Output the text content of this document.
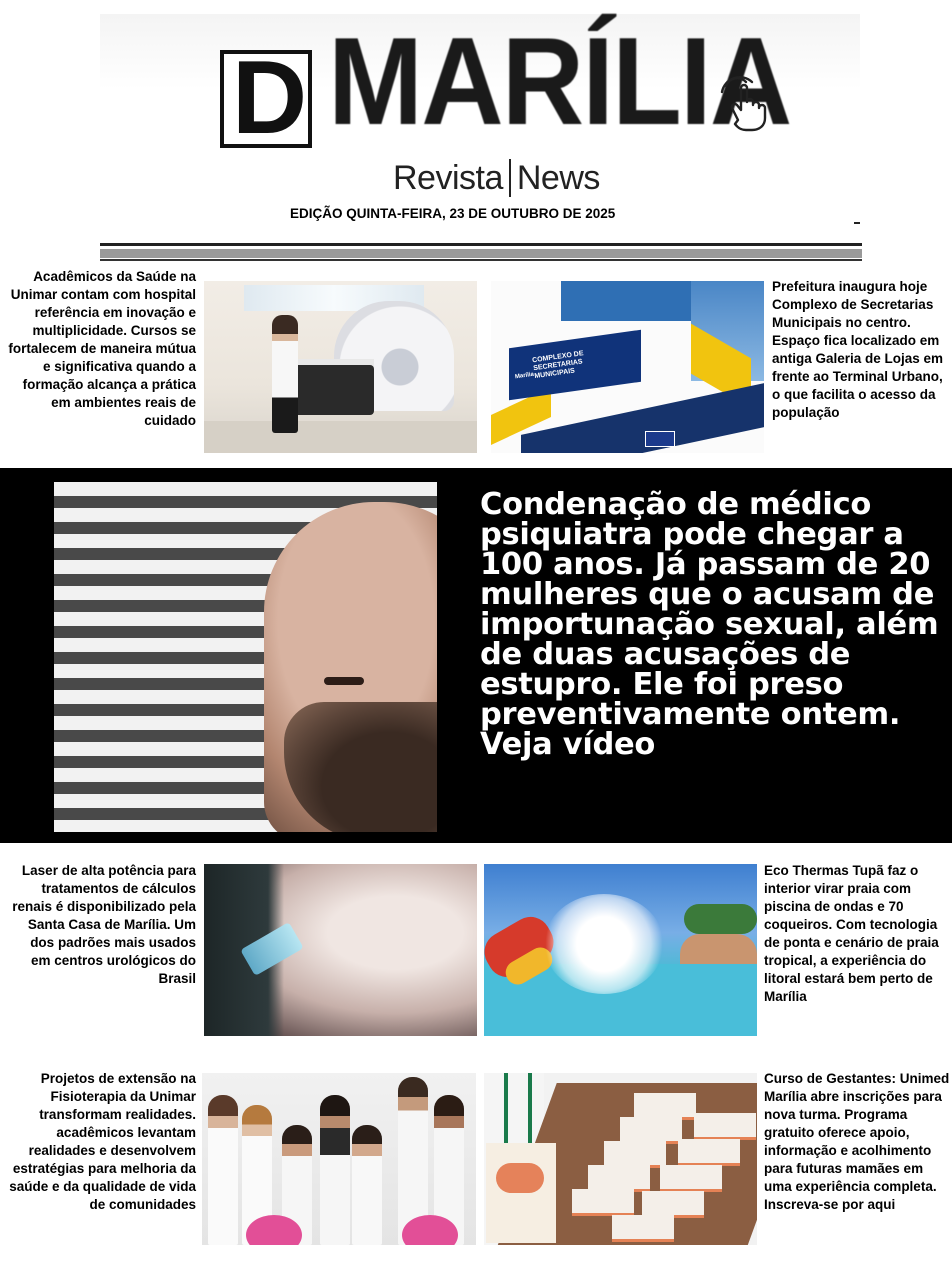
D MARÍLIA
Revista News
EDIÇÃO QUINTA-FEIRA, 23 DE OUTUBRO DE 2025
Acadêmicos da Saúde na Unimar contam com hospital referência em inovação e multiplicidade. Cursos se fortalecem de maneira mútua e significativa quando a formação alcança a prática em ambientes reais de cuidado
COMPLEXO DE SECRETARIAS MUNICIPAIS
Marília
Prefeitura inaugura hoje Complexo de Secretarias Municipais no centro. Espaço fica localizado em antiga Galeria de Lojas em frente ao Terminal Urbano, o que facilita o acesso da população
Condenação de médico psiquiatra pode chegar a 100 anos. Já passam de 20 mulheres que o acusam de importunação sexual, além de duas acusações de estupro. Ele foi preso preventivamente ontem. Veja vídeo
Laser de alta potência para tratamentos de cálculos renais é disponibilizado pela Santa Casa de Marília. Um dos padrões mais usados em centros urológicos do Brasil
Eco Thermas Tupã faz o interior virar praia com piscina de ondas e 70 coqueiros. Com tecnologia de ponta e cenário de praia tropical, a experiência do litoral estará bem perto de Marília
Projetos de extensão na Fisioterapia da Unimar transformam realidades. acadêmicos levantam realidades e desenvolvem estratégias para melhoria da saúde e da qualidade de vida de comunidades
Curso de Gestantes: Unimed Marília abre inscrições para nova turma. Programa gratuito oferece apoio, informação e acolhimento para futuras mamães em uma experiência completa. Inscreva-se por aqui
